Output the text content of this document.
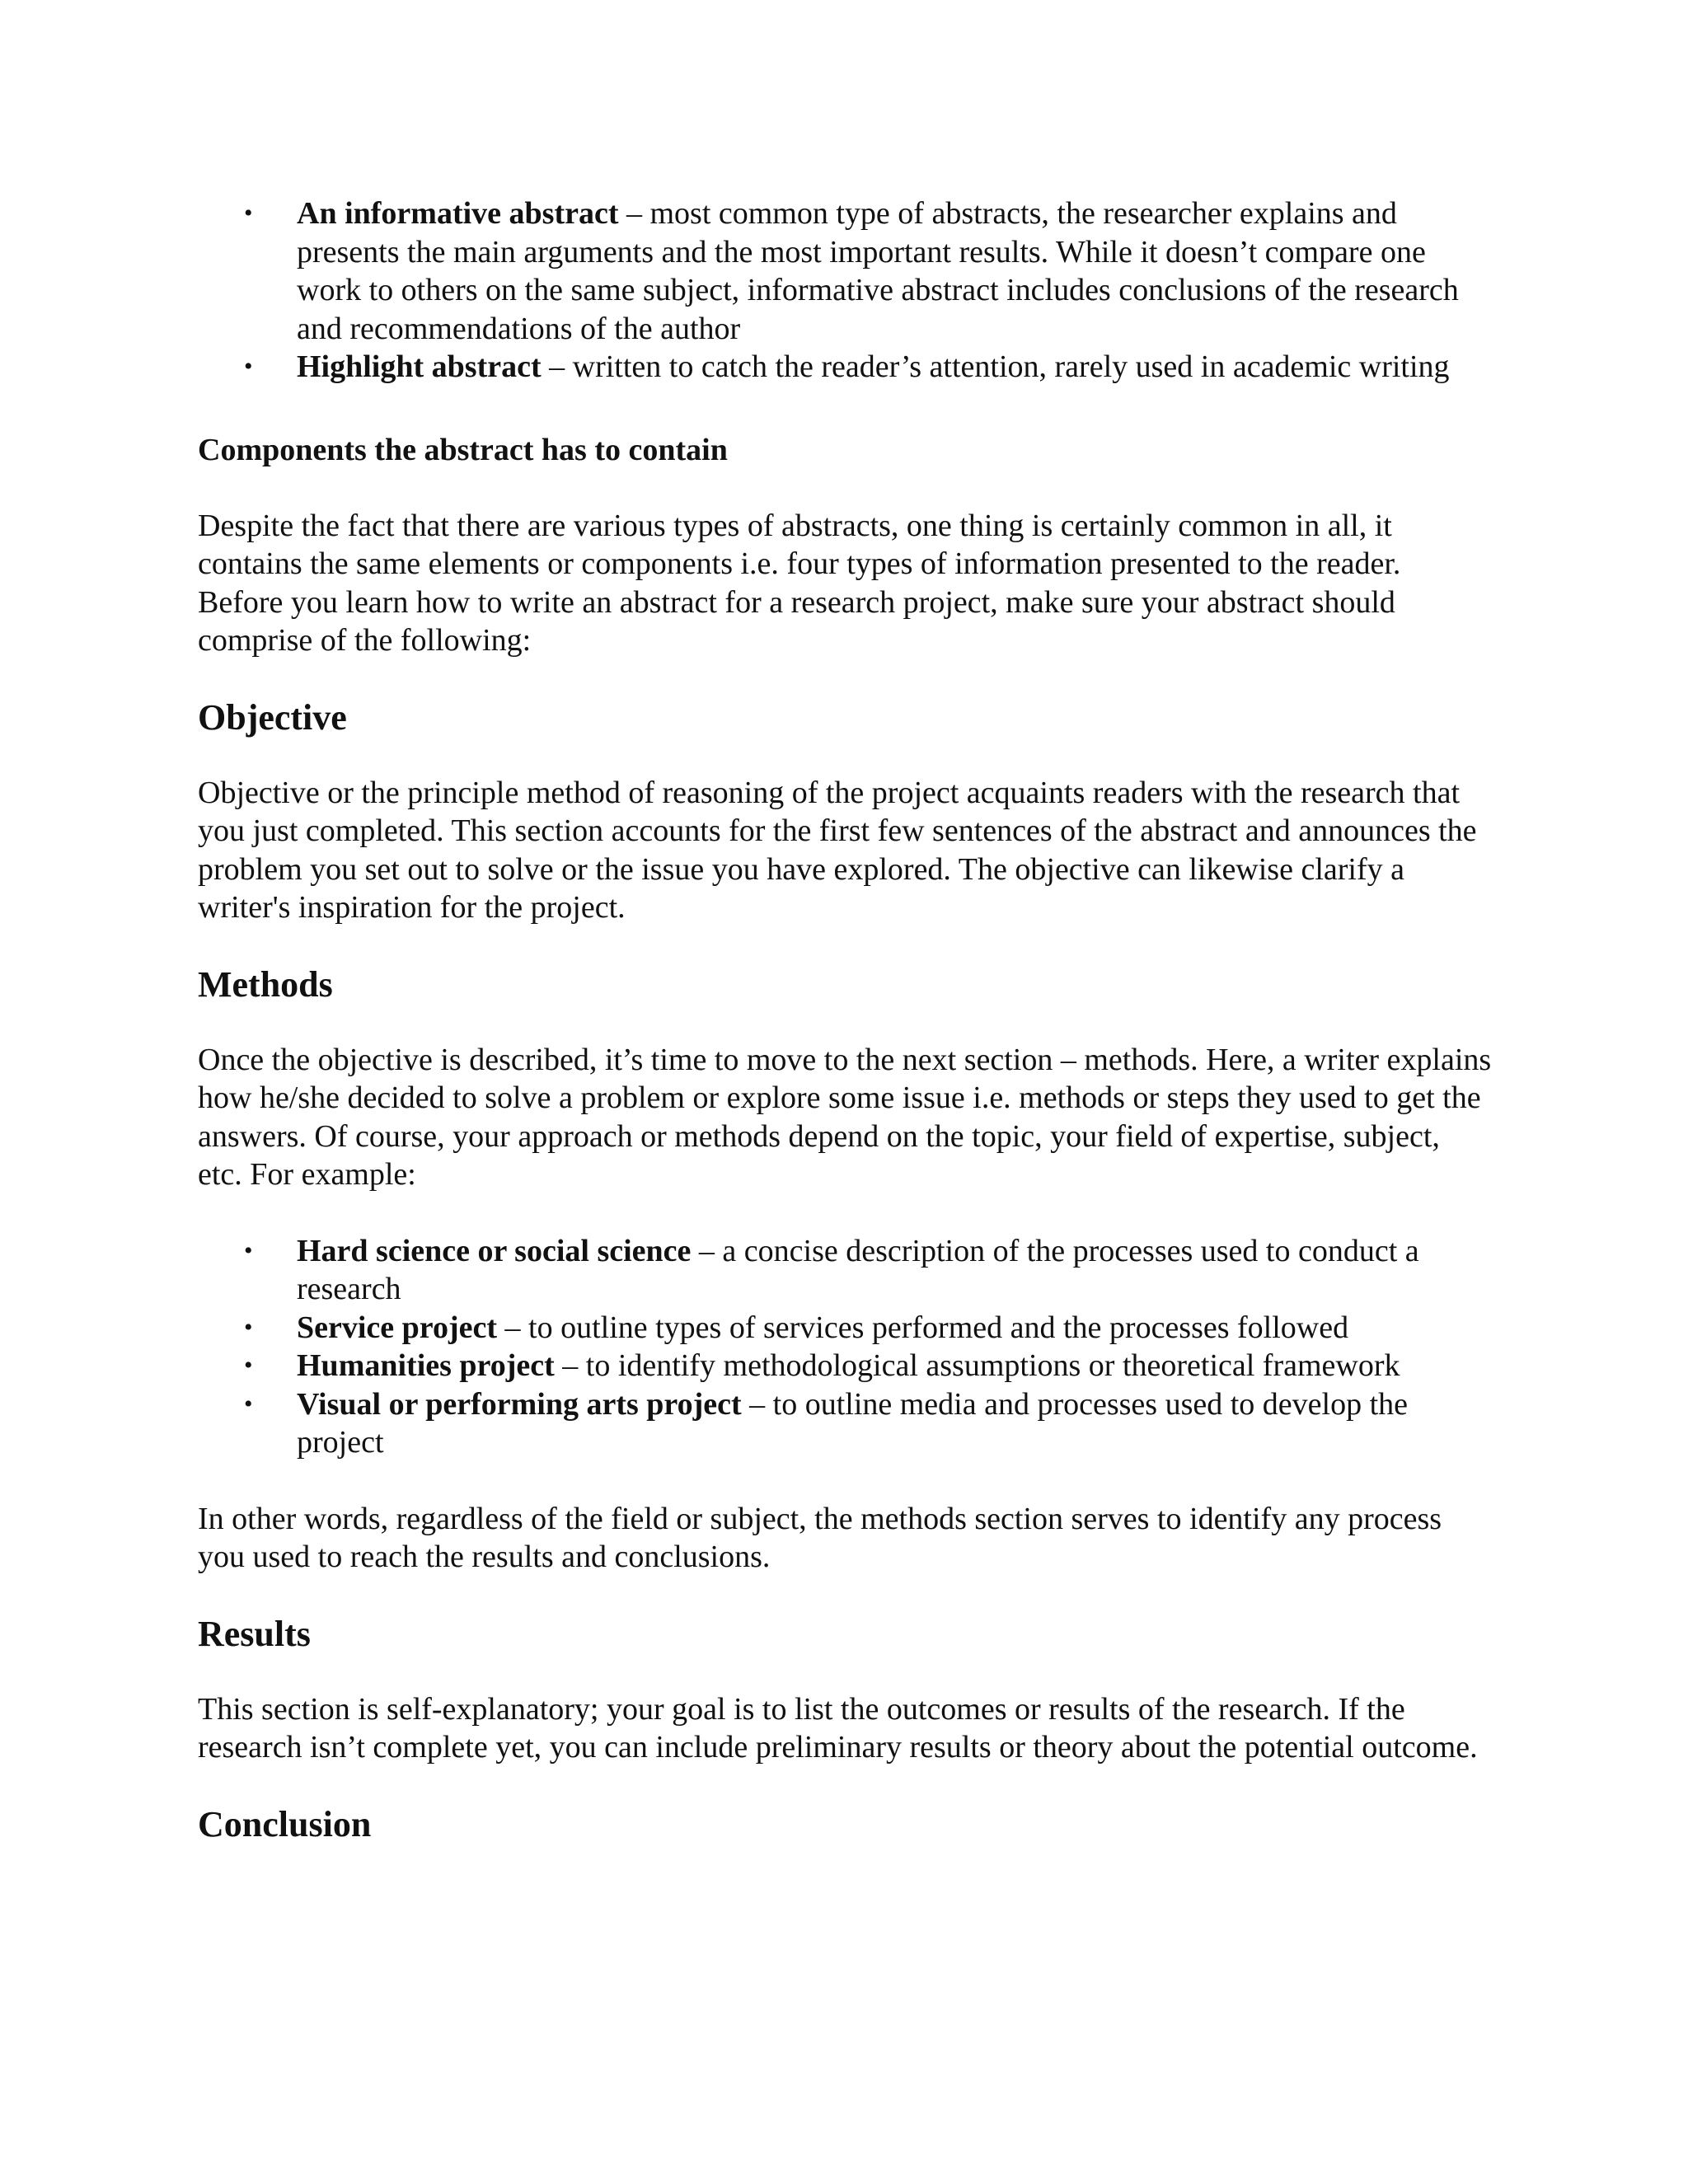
• An informative abstract – most common type of abstracts, the researcher explains and presents the main arguments and the most important results. While it doesn’t compare one work to others on the same subject, informative abstract includes conclusions of the research and recommendations of the author
• Highlight abstract – written to catch the reader’s attention, rarely used in academic writing
Components the abstract has to contain

Despite the fact that there are various types of abstracts, one thing is certainly common in all, it contains the same elements or components i.e. four types of information presented to the reader. Before you learn how to write an abstract for a research project, make sure your abstract should comprise of the following:

Objective

Objective or the principle method of reasoning of the project acquaints readers with the research that you just completed. This section accounts for the first few sentences of the abstract and announces the problem you set out to solve or the issue you have explored. The objective can likewise clarify a writer's inspiration for the project.

Methods

Once the objective is described, it’s time to move to the next section – methods. Here, a writer explains how he/she decided to solve a problem or explore some issue i.e. methods or steps they used to get the answers. Of course, your approach or methods depend on the topic, your field of expertise, subject, etc. For example:

• Hard science or social science – a concise description of the processes used to conduct a research
• Service project – to outline types of services performed and the processes followed
• Humanities project – to identify methodological assumptions or theoretical framework
• Visual or performing arts project – to outline media and processes used to develop the project

In other words, regardless of the field or subject, the methods section serves to identify any process you used to reach the results and conclusions.

Results

This section is self-explanatory; your goal is to list the outcomes or results of the research. If the research isn’t complete yet, you can include preliminary results or theory about the potential outcome.

Conclusion
